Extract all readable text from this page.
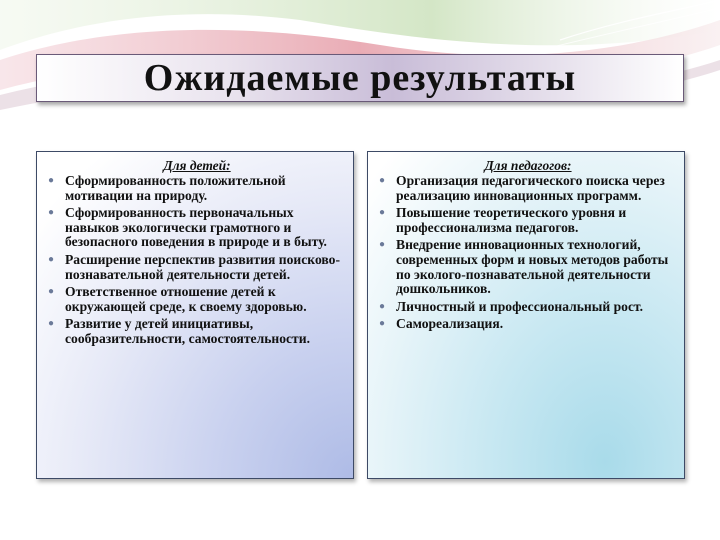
Ожидаемые результаты

Для детей:

● Сформированность положительной мотивации на природу.
● Сформированность первоначальных навыков экологически грамотного и безопасного поведения в природе и в быту.
● Расширение перспектив развития поисково-познавательной деятельности детей.
● Ответственное отношение детей к окружающей среде, к своему здоровью.
● Развитие у детей инициативы, сообразительности, самостоятельности.

Для педагогов:

● Организация педагогического поиска через реализацию инновационных программ.
● Повышение теоретического уровня и профессионализма педагогов.
● Внедрение инновационных технологий, современных форм и новых методов работы по эколого-познавательной деятельности дошкольников.
● Личностный и профессиональный рост.
● Самореализация.
